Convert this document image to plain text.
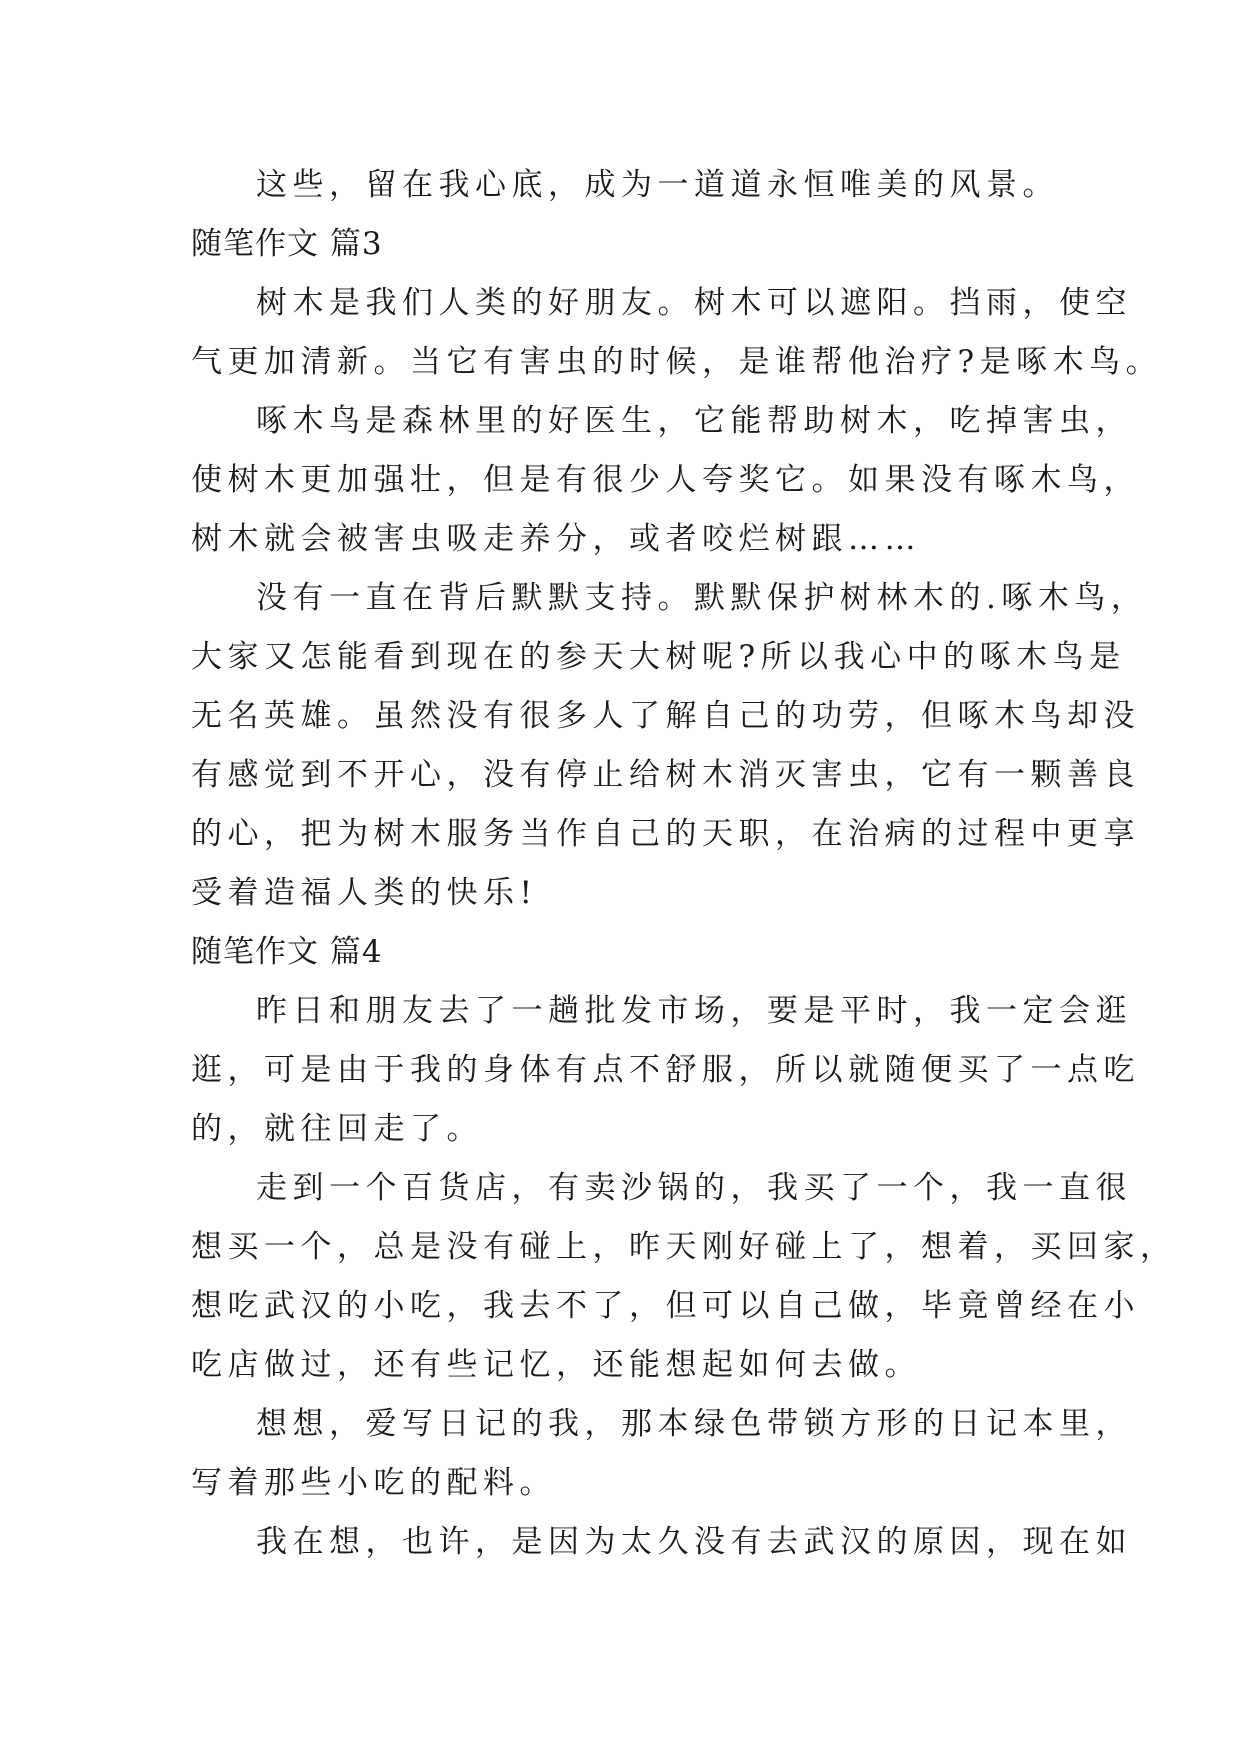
这些，留在我心底，成为一道道永恒唯美的风景。
随笔作文 篇3
树木是我们人类的好朋友。树木可以遮阳。挡雨，使空
气更加清新。当它有害虫的时候，是谁帮他治疗?是啄木鸟。
啄木鸟是森林里的好医生，它能帮助树木，吃掉害虫，
使树木更加强壮，但是有很少人夸奖它。如果没有啄木鸟，
树木就会被害虫吸走养分，或者咬烂树跟……
没有一直在背后默默支持。默默保护树林木的.啄木鸟，
大家又怎能看到现在的参天大树呢?所以我心中的啄木鸟是
无名英雄。虽然没有很多人了解自己的功劳，但啄木鸟却没
有感觉到不开心，没有停止给树木消灭害虫，它有一颗善良
的心，把为树木服务当作自己的天职，在治病的过程中更享
受着造福人类的快乐!
随笔作文 篇4
昨日和朋友去了一趟批发市场，要是平时，我一定会逛
逛，可是由于我的身体有点不舒服，所以就随便买了一点吃
的，就往回走了。
走到一个百货店，有卖沙锅的，我买了一个，我一直很
想买一个，总是没有碰上，昨天刚好碰上了，想着，买回家，
想吃武汉的小吃，我去不了，但可以自己做，毕竟曾经在小
吃店做过，还有些记忆，还能想起如何去做。
想想，爱写日记的我，那本绿色带锁方形的日记本里，
写着那些小吃的配料。
我在想，也许，是因为太久没有去武汉的原因，现在如
